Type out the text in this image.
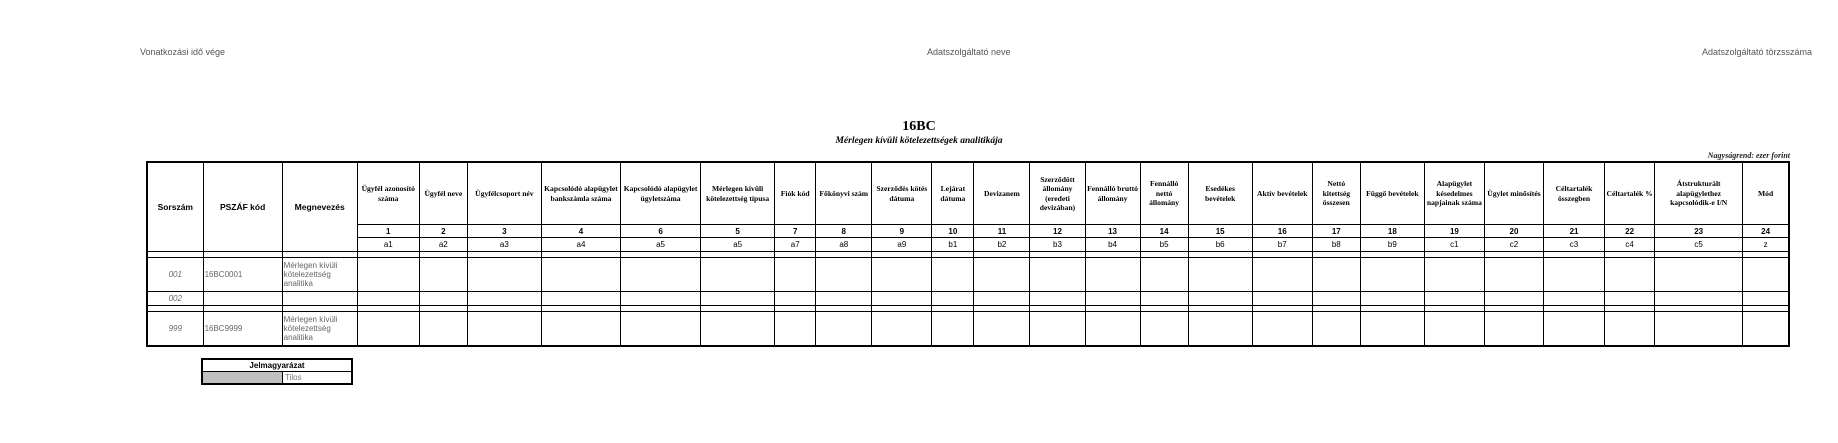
Vonatkozási idő vége	Adatszolgáltató neve	Adatszolgáltató törzsszáma
16BC
Mérlegen kívüli kötelezettségek analitikája
Nagyságrend: ezer forint
Sorszám	PSZÁF kód	Megnevezés	Ügyfél azonosító száma	Ügyfél neve	Ügyfélcsoport név	Kapcsolódó alapügylet bankszámla száma	Kapcsolódó alapügylet ügyletszáma	Mérlegen kívüli kötelezettség típusa	Fiók kód	Főkönyvi szám	Szerződés kötés dátuma	Lejárat dátuma	Devizanem	Szerződött állomány (eredeti devizában)	Fennálló bruttó állomány	Fennálló nettó állomány	Esedékes bevételek	Aktív bevételek	Nettó kitettség összesen	Függő bevételek	Alapügylet késedelmes napjainak száma	Ügylet minősítés	Céltartalék összegben	Céltartalék %	Átstrukturált alapügylethez kapcsolódik-e I/N	Mód
			1	2	3	4	6	5	7	8	9	10	11	12	13	14	15	16	17	18	19	20	21	22	23	24
			a1	a2	a3	a4	a5	a5	a7	a8	a9	b1	b2	b3	b4	b5	b6	b7	b8	b9	c1	c2	c3	c4	c5	z

001	16BC0001	Mérlegen kívüli kötelezettség analitika																								
002																										

999	16BC9999	Mérlegen kívüli kötelezettség analitika																								
Jelmagyarázat
	Tilos
